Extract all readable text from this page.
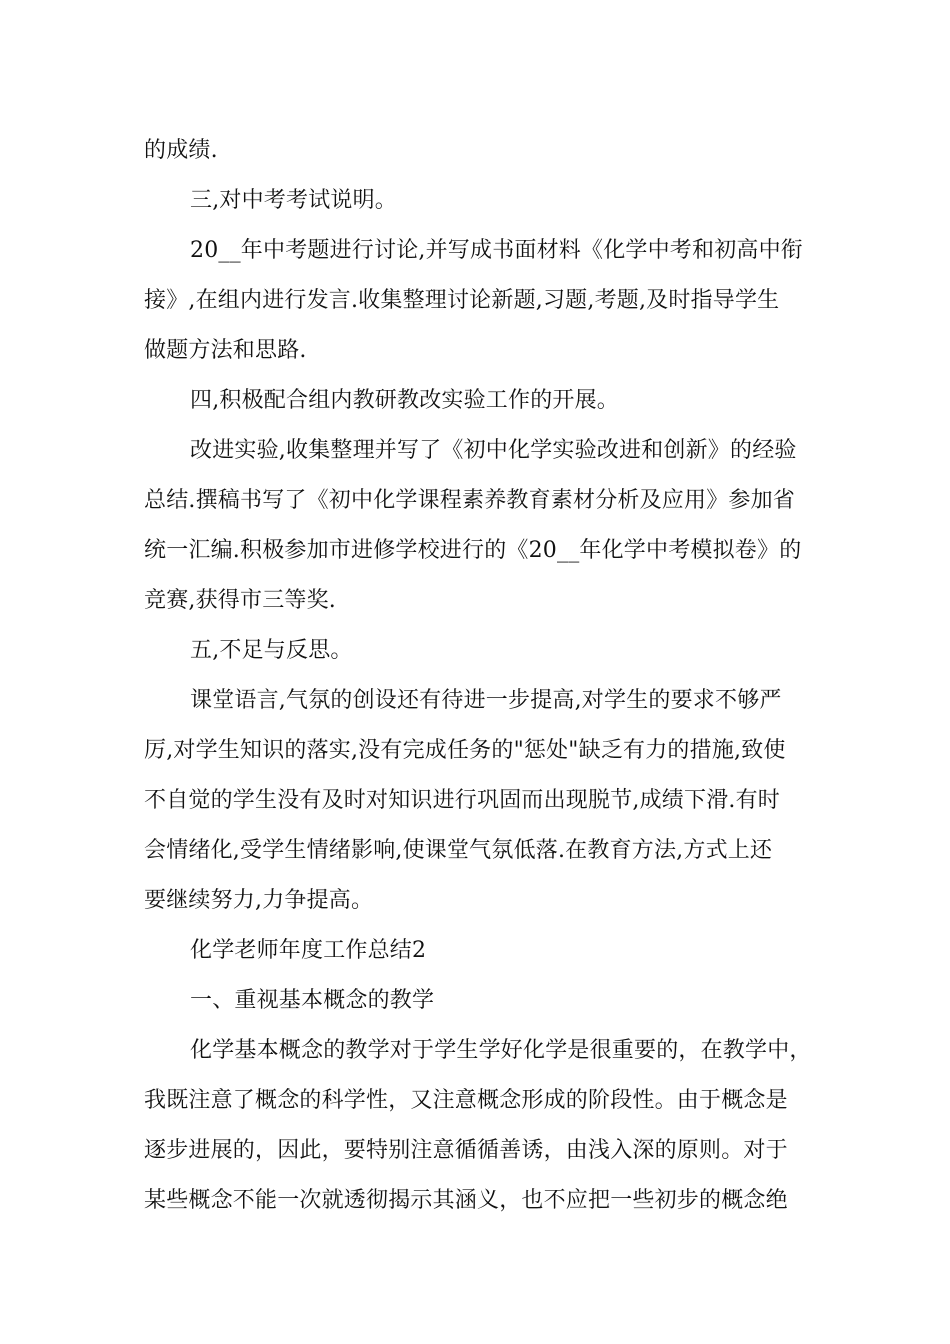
的成绩.
三,对中考考试说明。
20__年中考题进行讨论,并写成书面材料《化学中考和初高中衔
接》,在组内进行发言.收集整理讨论新题,习题,考题,及时指导学生
做题方法和思路.
四,积极配合组内教研教改实验工作的开展。
改进实验,收集整理并写了《初中化学实验改进和创新》的经验
总结.撰稿书写了《初中化学课程素养教育素材分析及应用》参加省
统一汇编.积极参加市进修学校进行的《20__年化学中考模拟卷》的
竞赛,获得市三等奖.
五,不足与反思。
课堂语言,气氛的创设还有待进一步提高,对学生的要求不够严
厉,对学生知识的落实,没有完成任务的"惩处"缺乏有力的措施,致使
不自觉的学生没有及时对知识进行巩固而出现脱节,成绩下滑.有时
会情绪化,受学生情绪影响,使课堂气氛低落.在教育方法,方式上还
要继续努力,力争提高。
化学老师年度工作总结2
一、重视基本概念的教学
化学基本概念的教学对于学生学好化学是很重要的，在教学中，
我既注意了概念的科学性，又注意概念形成的阶段性。由于概念是
逐步进展的，因此，要特别注意循循善诱，由浅入深的原则。对于
某些概念不能一次就透彻揭示其涵义，也不应把一些初步的概念绝
